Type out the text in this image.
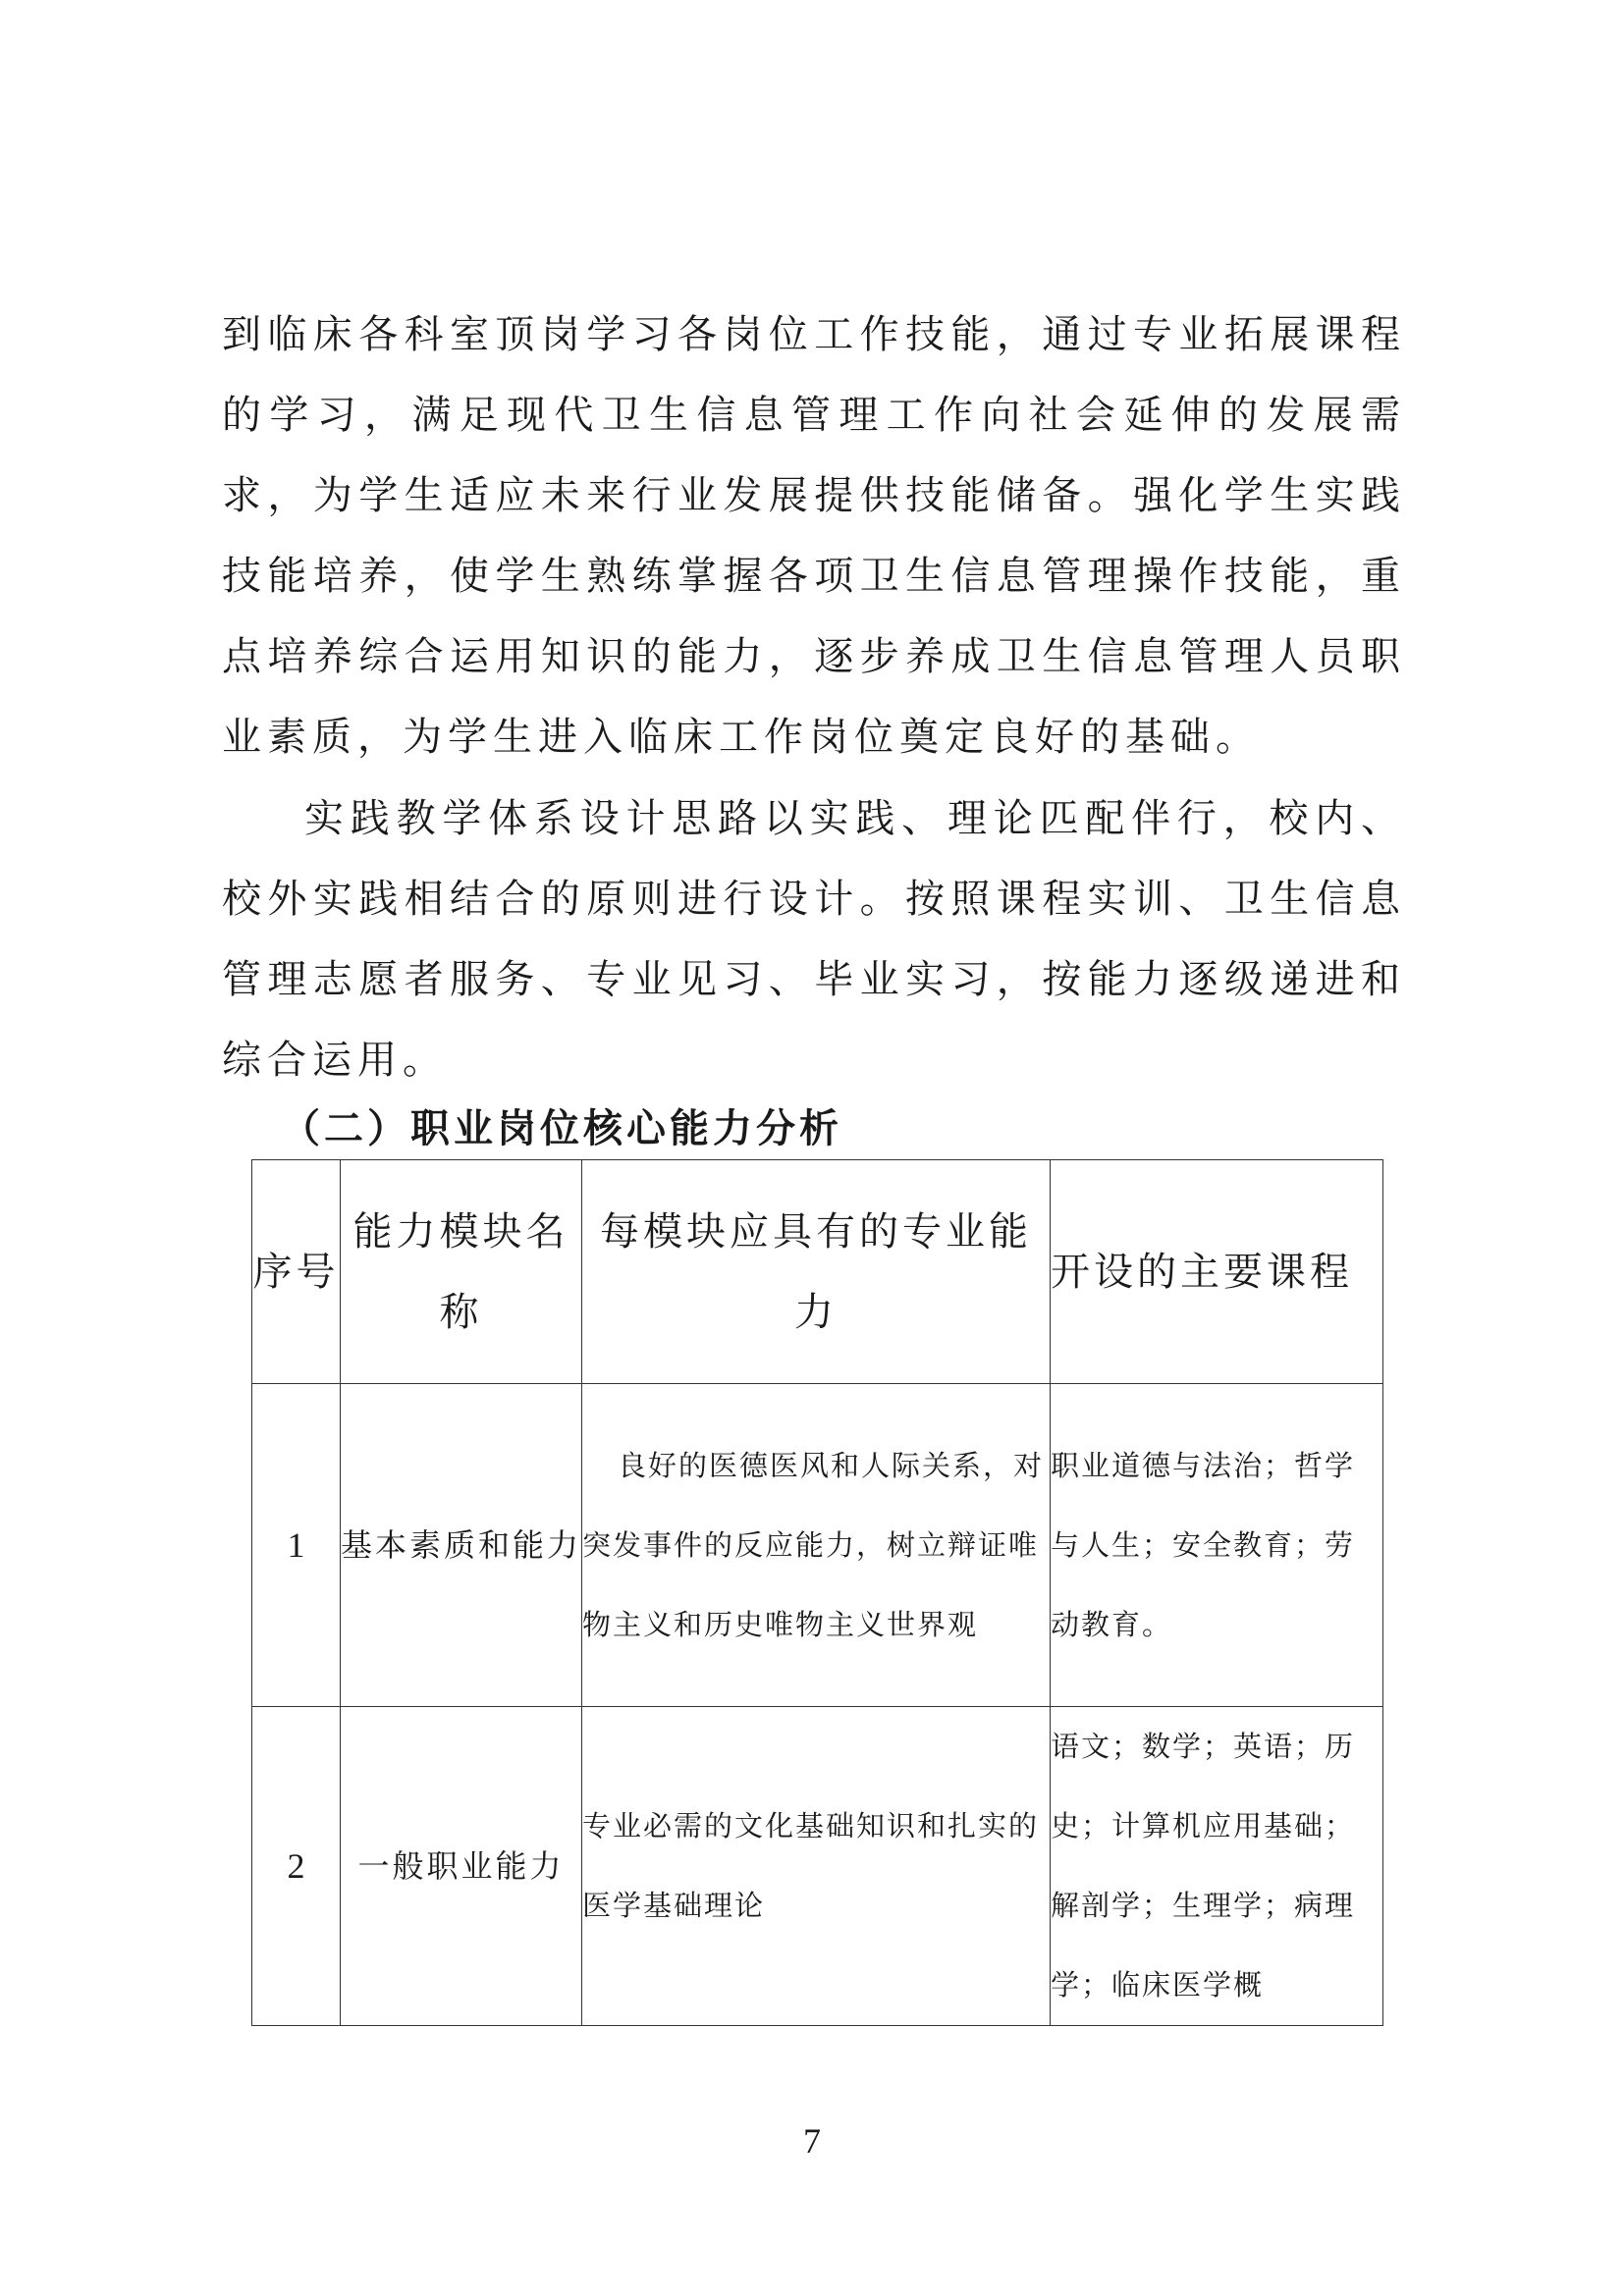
到临床各科室顶岗学习各岗位工作技能，通过专业拓展课程的学习，满足现代卫生信息管理工作向社会延伸的发展需求，为学生适应未来行业发展提供技能储备。强化学生实践技能培养，使学生熟练掌握各项卫生信息管理操作技能，重点培养综合运用知识的能力，逐步养成卫生信息管理人员职业素质，为学生进入临床工作岗位奠定良好的基础。

实践教学体系设计思路以实践、理论匹配伴行，校内、校外实践相结合的原则进行设计。按照课程实训、卫生信息管理志愿者服务、专业见习、毕业实习，按能力逐级递进和综合运用。

（二）职业岗位核心能力分析
序号	能力模块名称	每模块应具有的专业能力	开设的主要课程
1	基本素质和能力	良好的医德医风和人际关系，对突发事件的反应能力，树立辩证唯物主义和历史唯物主义世界观	职业道德与法治；哲学与人生；安全教育；劳动教育。
2	一般职业能力	专业必需的文化基础知识和扎实的医学基础理论	语文；数学；英语；历史；计算机应用基础；解剖学；生理学；病理学；临床医学概

7
